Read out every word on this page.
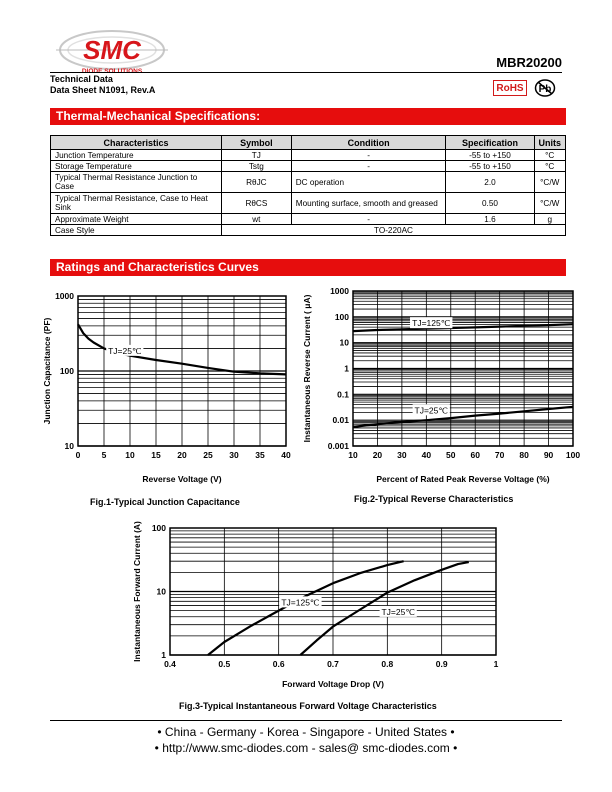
SMC	MBR20200
Technical Data
Data Sheet N1091, Rev.A	RoHS	Pb
Thermal-Mechanical Specifications:
Characteristics	Symbol	Condition	Specification	Units
Junction Temperature	TJ	-	-55 to +150	°C
Storage Temperature	Tstg	-	-55 to +150	°C
Typical Thermal Resistance Junction to Case	RθJC	DC operation	2.0	°C/W
Typical Thermal Resistance, Case to Heat Sink	RθCS	Mounting surface, smooth and greased	0.50	°C/W
Approximate Weight	wt	-	1.6	g
Case Style	TO-220AC			
Ratings and Characteristics Curves
0	5 10 15 20 25 30 35 40
10
100
1000
Reverse Voltage (V)
Junction Capacitance (PF)	TJ=25℃
Fig.1-Typical Junction Capacitance
10 20 30 40 50 60 70 80 90 100
0.001
0.01
0.1
1
10
100
1000
Percent of Rated Peak Reverse Voltage (%)
Instantaneous Reverse Current ( μA)	TJ=125℃
TJ=25℃
Fig.2-Typical Reverse Characteristics
0.4	0.5	0.6	0.7	0.8	0.9	1
1
10
100
Forward Voltage Drop (V)
Instantaneous Forward Current (A)	TJ=125℃
TJ=25℃
Fig.3-Typical Instantaneous Forward Voltage Characteristics
• China - Germany - Korea - Singapore - United States •
• http://www.smc-diodes.com - sales@ smc-diodes.com •
